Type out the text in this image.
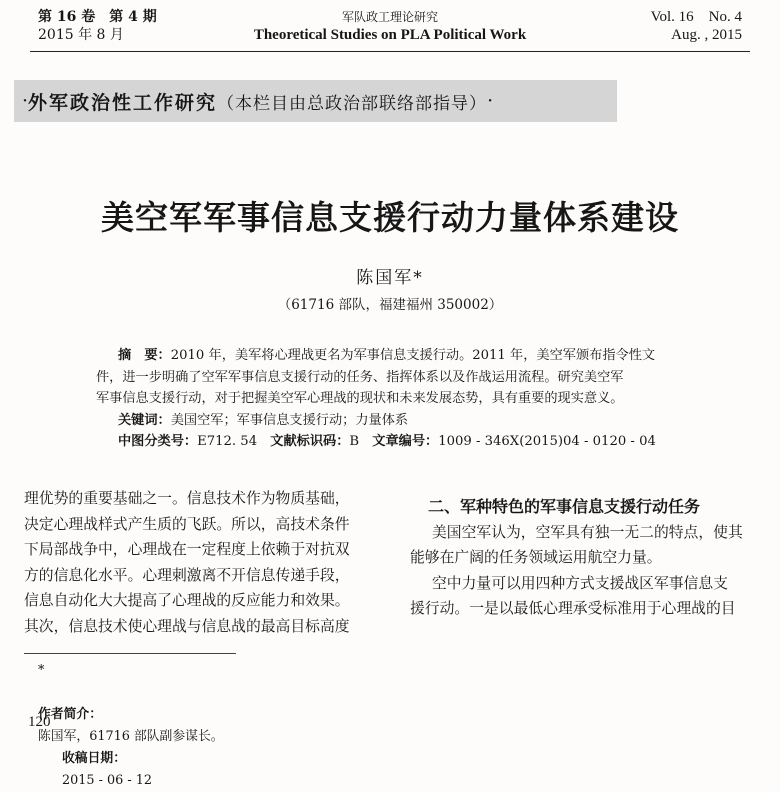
第 16 卷　第 4 期
2015 年 8 月
军队政工理论研究
Theoretical Studies on PLA Political Work
Vol. 16　No. 4
Aug. , 2015
· 外军政治性工作研究 （本栏目由总政治部联络部指导） ·
美空军军事信息支援行动力量体系建设
陈国军*
（61716 部队，福建福州 350002）
摘　要：2010 年，美军将心理战更名为军事信息支援行动。2011 年，美空军颁布指令性文
件，进一步明确了空军军事信息支援行动的任务、指挥体系以及作战运用流程。研究美空军
军事信息支援行动，对于把握美空军心理战的现状和未来发展态势，具有重要的现实意义。
关键词：美国空军；军事信息支援行动；力量体系
中图分类号：E712. 54　 文献标识码：B　 文章编号：1009 - 346X(2015)04 - 0120 - 04
理优势的重要基础之一。信息技术作为物质基础，
决定心理战样式产生质的飞跃。所以，高技术条件
下局部战争中，心理战在一定程度上依赖于对抗双
方的信息化水平。心理刺激离不开信息传递手段，
信息自动化大大提高了心理战的反应能力和效果。
其次，信息技术使心理战与信息战的最高目标高度
二、军种特色的军事信息支援行动任务
美国空军认为，空军具有独一无二的特点，使其
能够在广阔的任务领域运用航空力量。
空中力量可以用四种方式支援战区军事信息支
援行动。一是以最低心理承受标准用于心理战的目
*

作者简介：
陈国军，61716 部队副参谋长。
收稿日期：
2015 - 06 - 12
120
